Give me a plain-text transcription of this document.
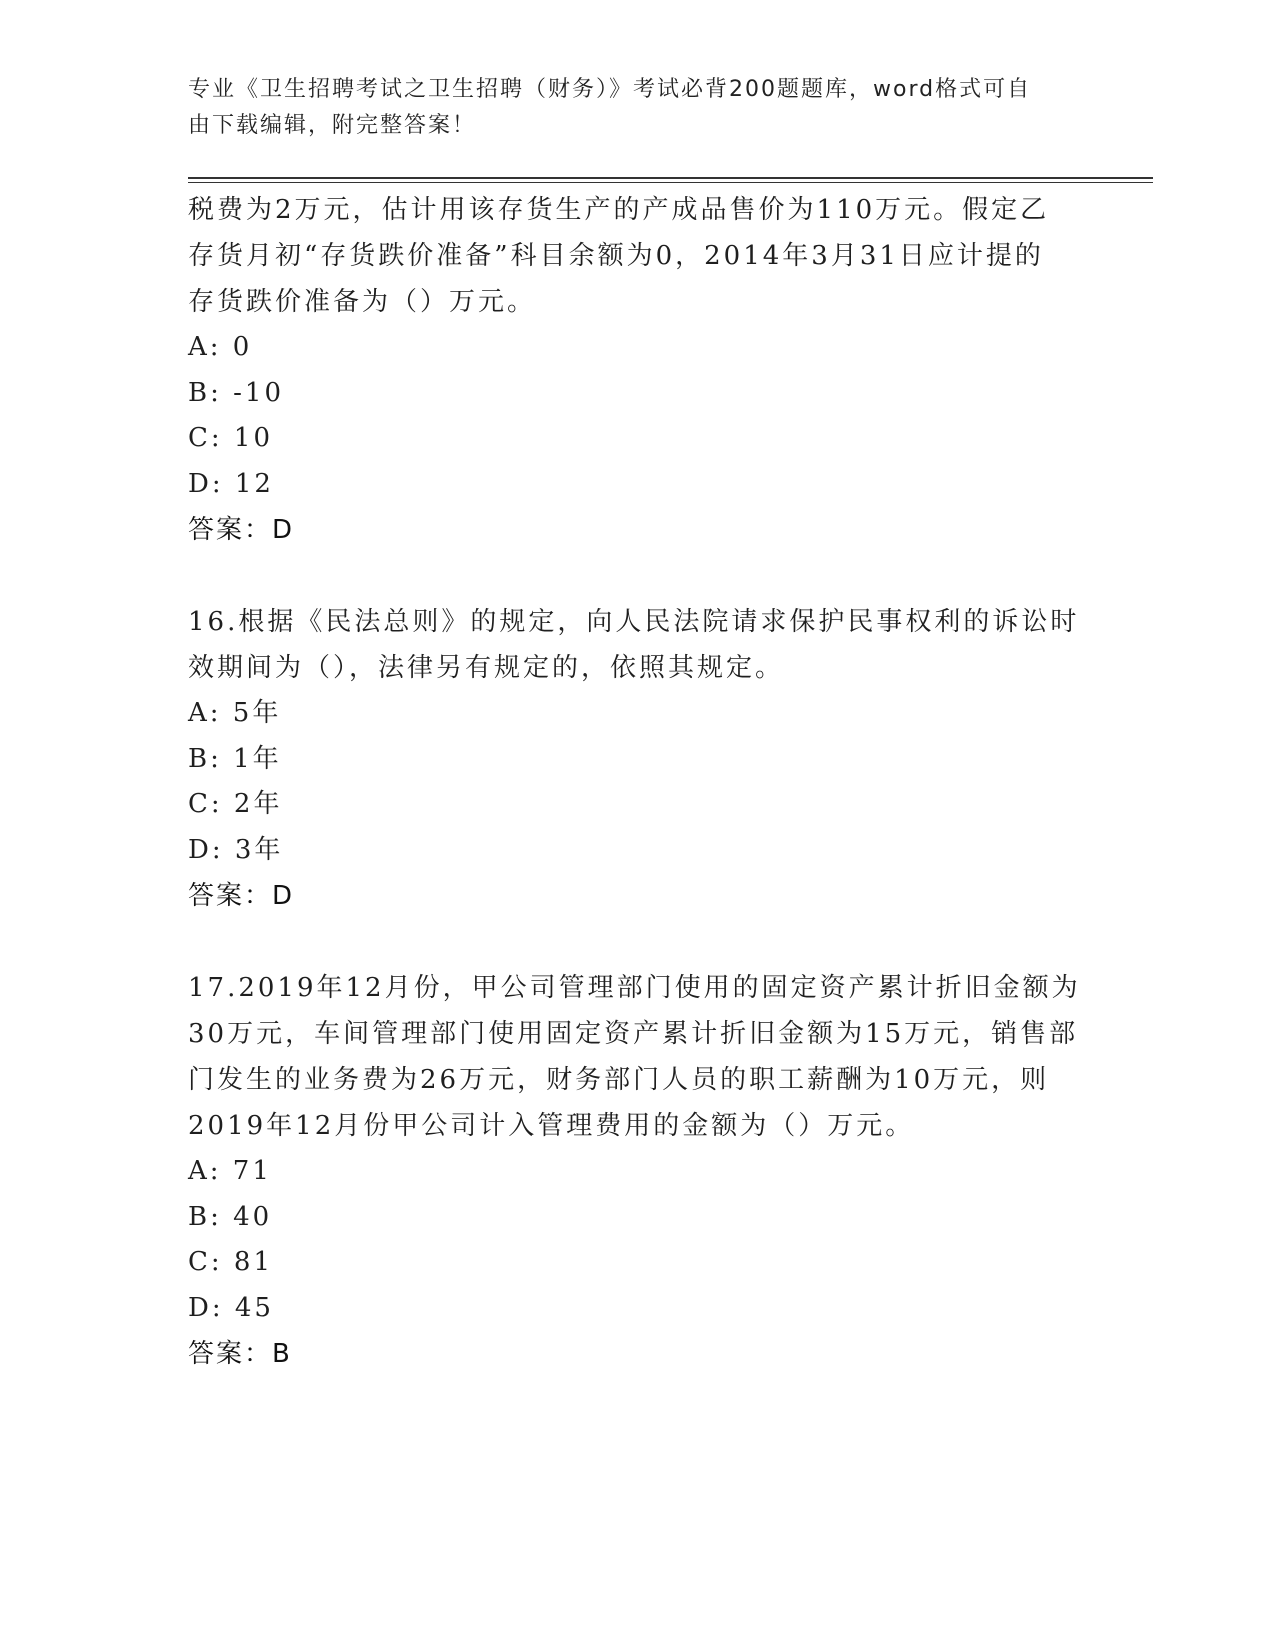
专业《卫生招聘考试之卫生招聘（财务）》考试必背200题题库，word格式可自
由下载编辑，附完整答案！

税费为2万元，估计用该存货生产的产成品售价为110万元。假定乙

存货月初“存货跌价准备”科目余额为0，2014年3月31日应计提的

存货跌价准备为（）万元。

A: 0

B: -10

C: 10

D: 12

答案：D

16.根据《民法总则》的规定，向人民法院请求保护民事权利的诉讼时

效期间为（），法律另有规定的，依照其规定。

A: 5年

B: 1年

C: 2年

D: 3年

答案：D

17.2019年12月份，甲公司管理部门使用的固定资产累计折旧金额为

30万元，车间管理部门使用固定资产累计折旧金额为15万元，销售部

门发生的业务费为26万元，财务部门人员的职工薪酬为10万元，则

2019年12月份甲公司计入管理费用的金额为（）万元。

A: 71

B: 40

C: 81

D: 45

答案：B
